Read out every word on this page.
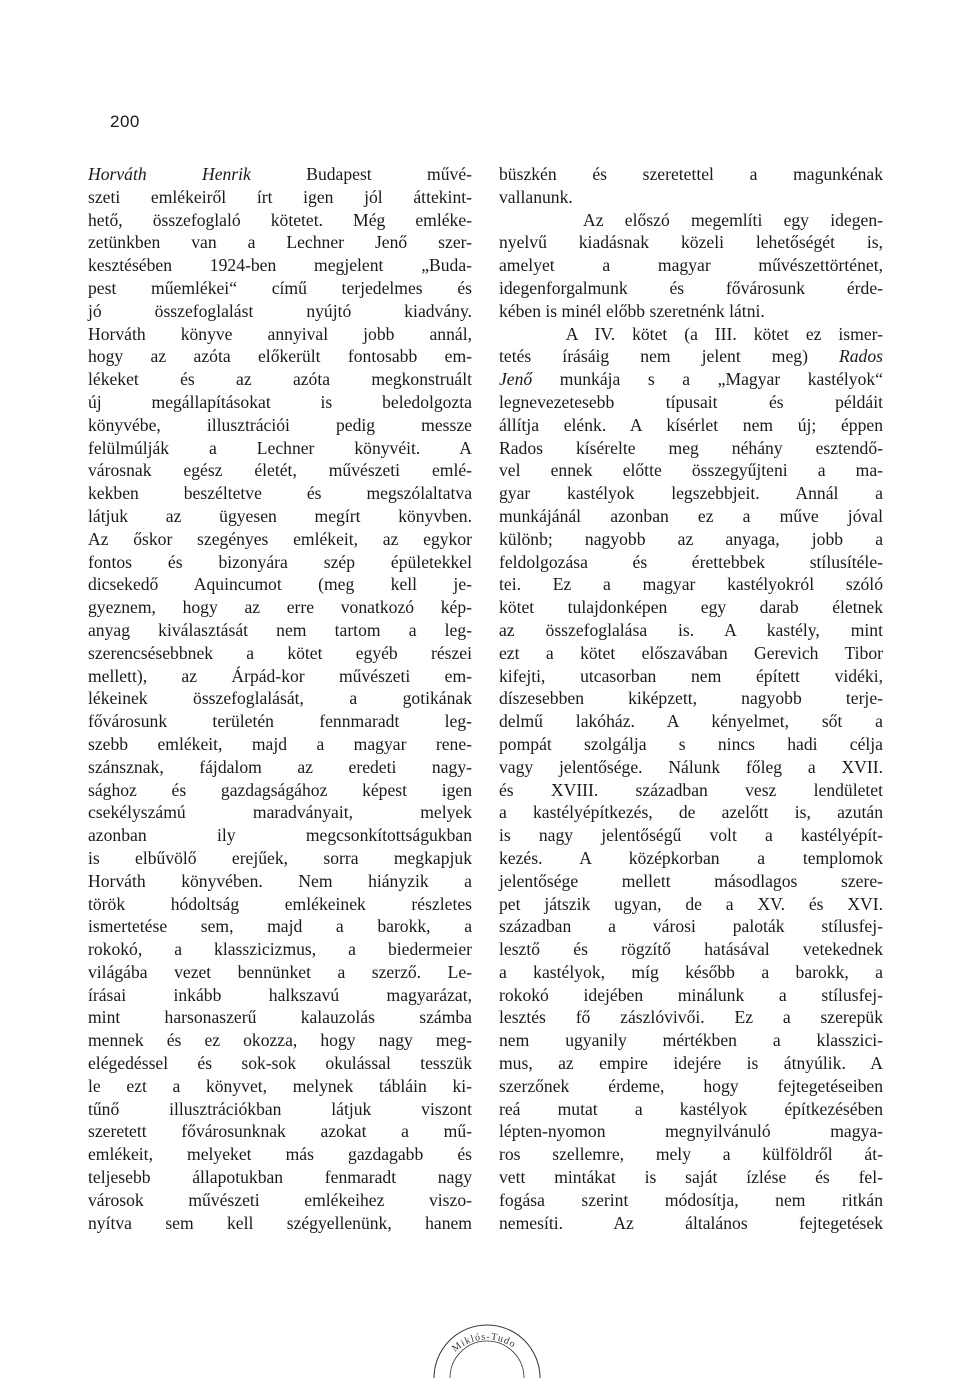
200
Horváth Henrik Budapest művé-
szeti emlékeiről írt igen jól áttekint-
hető, összefoglaló kötetet. Még emléke-
zetünkben van a Lechner Jenő szer-
kesztésében 1924-ben megjelent „Buda-
pest műemlékei“ című terjedelmes és
jó összefoglalást nyújtó kiadvány.
Horváth könyve annyival jobb annál,
hogy az azóta előkerült fontosabb em-
lékeket és az azóta megkonstruált
új megállapításokat is beledolgozta
könyvébe, illusztrációi pedig messze
felülmúlják a Lechner könyvéit. A
városnak egész életét, művészeti emlé-
kekben beszéltetve és megszólaltatva
látjuk az ügyesen megírt könyvben.
Az őskor szegényes emlékeit, az egykor
fontos és bizonyára szép épületekkel
dicsekedő Aquincumot (meg kell je-
gyeznem, hogy az erre vonatkozó kép-
anyag kiválasztását nem tartom a leg-
szerencsésebbnek a kötet egyéb részei
mellett), az Árpád-kor művészeti em-
lékeinek összefoglalását, a gotikának
fővárosunk területén fennmaradt leg-
szebb emlékeit, majd a magyar rene-
szánsznak, fájdalom az eredeti nagy-
sághoz és gazdagságához képest igen
csekélyszámú maradványait, melyek
azonban ily megcsonkítottságukban
is elbűvölő erejűek, sorra megkapjuk
Horváth könyvében. Nem hiányzik a
török hódoltság emlékeinek részletes
ismertetése sem, majd a barokk, a
rokokó, a klasszicizmus, a biedermeier
világába vezet bennünket a szerző. Le-
írásai inkább halkszavú magyarázat,
mint harsonaszerű kalauzolás számba
mennek és ez okozza, hogy nagy meg-
elégedéssel és sok-sok okulással tesszük
le ezt a könyvet, melynek tábláin ki-
tűnő illusztrációkban látjuk viszont
szeretett fővárosunknak azokat a mű-
emlékeit, melyeket más gazdagabb és
teljesebb állapotukban fenmaradt nagy
városok művészeti emlékeihez viszo-
nyítva sem kell szégyellenünk, hanem
büszkén és szeretettel a magunkénak
vallanunk.
Az előszó megemlíti egy idegen-
nyelvű kiadásnak közeli lehetőségét is,
amelyet a magyar művészettörténet,
idegenforgalmunk és fővárosunk érde-
kében is minél előbb szeretnénk látni.
A IV. kötet (a III. kötet ez ismer-
tetés írásáig nem jelent meg) Rados
Jenő munkája s a „Magyar kastélyok“
legnevezetesebb típusait és példáit
állítja elénk. A kísérlet nem új; éppen
Rados kísérelte meg néhány esztendő-
vel ennek előtte összegyűjteni a ma-
gyar kastélyok legszebbjeit. Annál a
munkájánál azonban ez a műve jóval
különb; nagyobb az anyaga, jobb a
feldolgozása és érettebbek stílusítéle-
tei. Ez a magyar kastélyokról szóló
kötet tulajdonképen egy darab életnek
az összefoglalása is. A kastély, mint
ezt a kötet előszavában Gerevich Tibor
kifejti, utcasorban nem épített vidéki,
díszesebben kiképzett, nagyobb terje-
delmű lakóház. A kényelmet, sőt a
pompát szolgálja s nincs hadi célja
vagy jelentősége. Nálunk főleg a XVII.
és XVIII. században vesz lendületet
a kastélyépítkezés, de azelőtt is, azután
is nagy jelentőségű volt a kastélyépít-
kezés. A középkorban a templomok
jelentősége mellett másodlagos szere-
pet játszik ugyan, de a XV. és XVI.
században a városi paloták stílusfej-
lesztő és rögzítő hatásával vetekednek
a kastélyok, míg később a barokk, a
rokokó idejében minálunk a stílusfej-
lesztés fő zászlóvivői. Ez a szerepük
nem ugyanily mértékben a klasszici-
mus, az empire idejére is átnyúlik. A
szerzőnek érdeme, hogy fejtegetéseiben
reá mutat a kastélyok építkezésében
lépten-nyomon megnyilvánuló magya-
ros szellemre, mely a külföldről át-
vett mintákat is saját ízlése és fel-
fogása szerint módosítja, nem ritkán
nemesíti. Az általános fejtegetések
Miklós-Tudo
